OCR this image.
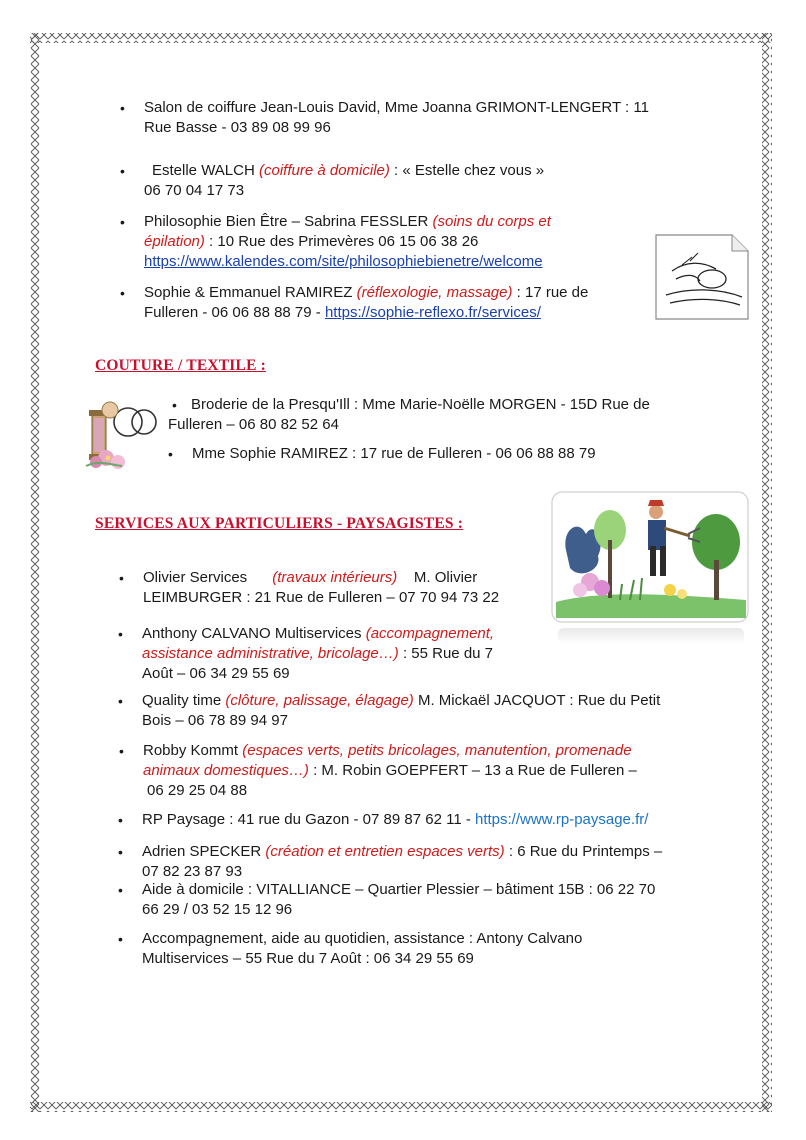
• Salon de coiffure Jean-Louis David, Mme Joanna GRIMONT-LENGERT : 11
Rue Basse - 03 89 08 99 96
• Estelle WALCH (coiffure à domicile) : « Estelle chez vous »
06 70 04 17 73
• Philosophie Bien Être – Sabrina FESSLER (soins du corps et
épilation) : 10 Rue des Primevères 06 15 06 38 26
https://www.kalendes.com/site/philosophiebienetre/welcome
• Sophie & Emmanuel RAMIREZ (réflexologie, massage) : 17 rue de
Fulleren - 06 06 88 88 79 - https://sophie-reflexo.fr/services/
COUTURE / TEXTILE :
• Broderie de la Presqu'Ill : Mme Marie-Noëlle MORGEN - 15D Rue de
Fulleren – 06 80 82 52 64
• Mme Sophie RAMIREZ : 17 rue de Fulleren - 06 06 88 88 79
SERVICES AUX PARTICULIERS - PAYSAGISTES :
• Olivier Services      (travaux intérieurs)    M. Olivier
LEIMBURGER : 21 Rue de Fulleren – 07 70 94 73 22
• Anthony CALVANO Multiservices (accompagnement,
assistance administrative, bricolage…) : 55 Rue du 7
Août – 06 34 29 55 69
• Quality time (clôture, palissage, élagage) M. Mickaël JACQUOT : Rue du Petit
Bois – 06 78 89 94 97
• Robby Kommt (espaces verts, petits bricolages, manutention, promenade
animaux domestiques…) : M. Robin GOEPFERT – 13 a Rue de Fulleren –
06 29 25 04 88
• RP Paysage : 41 rue du Gazon - 07 89 87 62 11 - https://www.rp-paysage.fr/
• Adrien SPECKER (création et entretien espaces verts) : 6 Rue du Printemps –
07 82 23 87 93
• Aide à domicile : VITALLIANCE – Quartier Plessier – bâtiment 15B : 06 22 70
66 29 / 03 52 15 12 96
• Accompagnement, aide au quotidien, assistance : Antony Calvano
Multiservices – 55 Rue du 7 Août : 06 34 29 55 69
